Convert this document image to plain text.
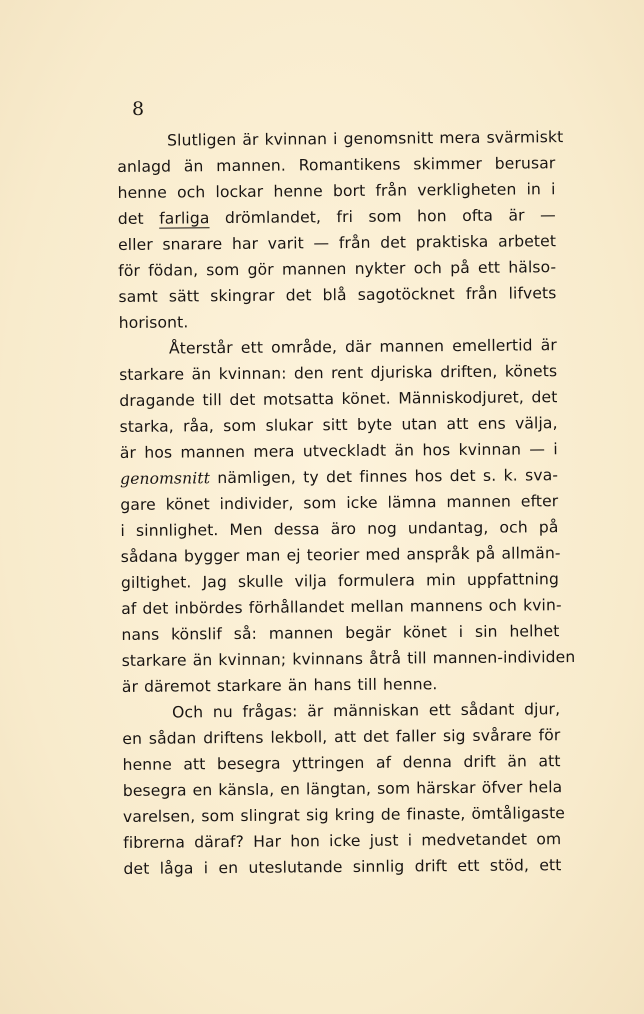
8
Slutligen är kvinnan i genomsnitt mera svärmiskt
anlagd än mannen. Romantikens skimmer berusar
henne och lockar henne bort från verkligheten in i
det farliga drömlandet, fri som hon ofta är —
eller snarare har varit — från det praktiska arbetet
för födan, som gör mannen nykter och på ett hälso-
samt sätt skingrar det blå sagotöcknet från lifvets
horisont.
Återstår ett område, där mannen emellertid är
starkare än kvinnan: den rent djuriska driften, könets
dragande till det motsatta könet. Människodjuret, det
starka, råa, som slukar sitt byte utan att ens välja,
är hos mannen mera utveckladt än hos kvinnan — i
genomsnitt nämligen, ty det finnes hos det s. k. sva-
gare könet individer, som icke lämna mannen efter
i sinnlighet. Men dessa äro nog undantag, och på
sådana bygger man ej teorier med anspråk på allmän-
giltighet. Jag skulle vilja formulera min uppfattning
af det inbördes förhållandet mellan mannens och kvin-
nans könslif så: mannen begär könet i sin helhet
starkare än kvinnan; kvinnans åtrå till mannen-individen
är däremot starkare än hans till henne.
Och nu frågas: är människan ett sådant djur,
en sådan driftens lekboll, att det faller sig svårare för
henne att besegra yttringen af denna drift än att
besegra en känsla, en längtan, som härskar öfver hela
varelsen, som slingrat sig kring de finaste, ömtåligaste
fibrerna däraf? Har hon icke just i medvetandet om
det låga i en uteslutande sinnlig drift ett stöd, ett
